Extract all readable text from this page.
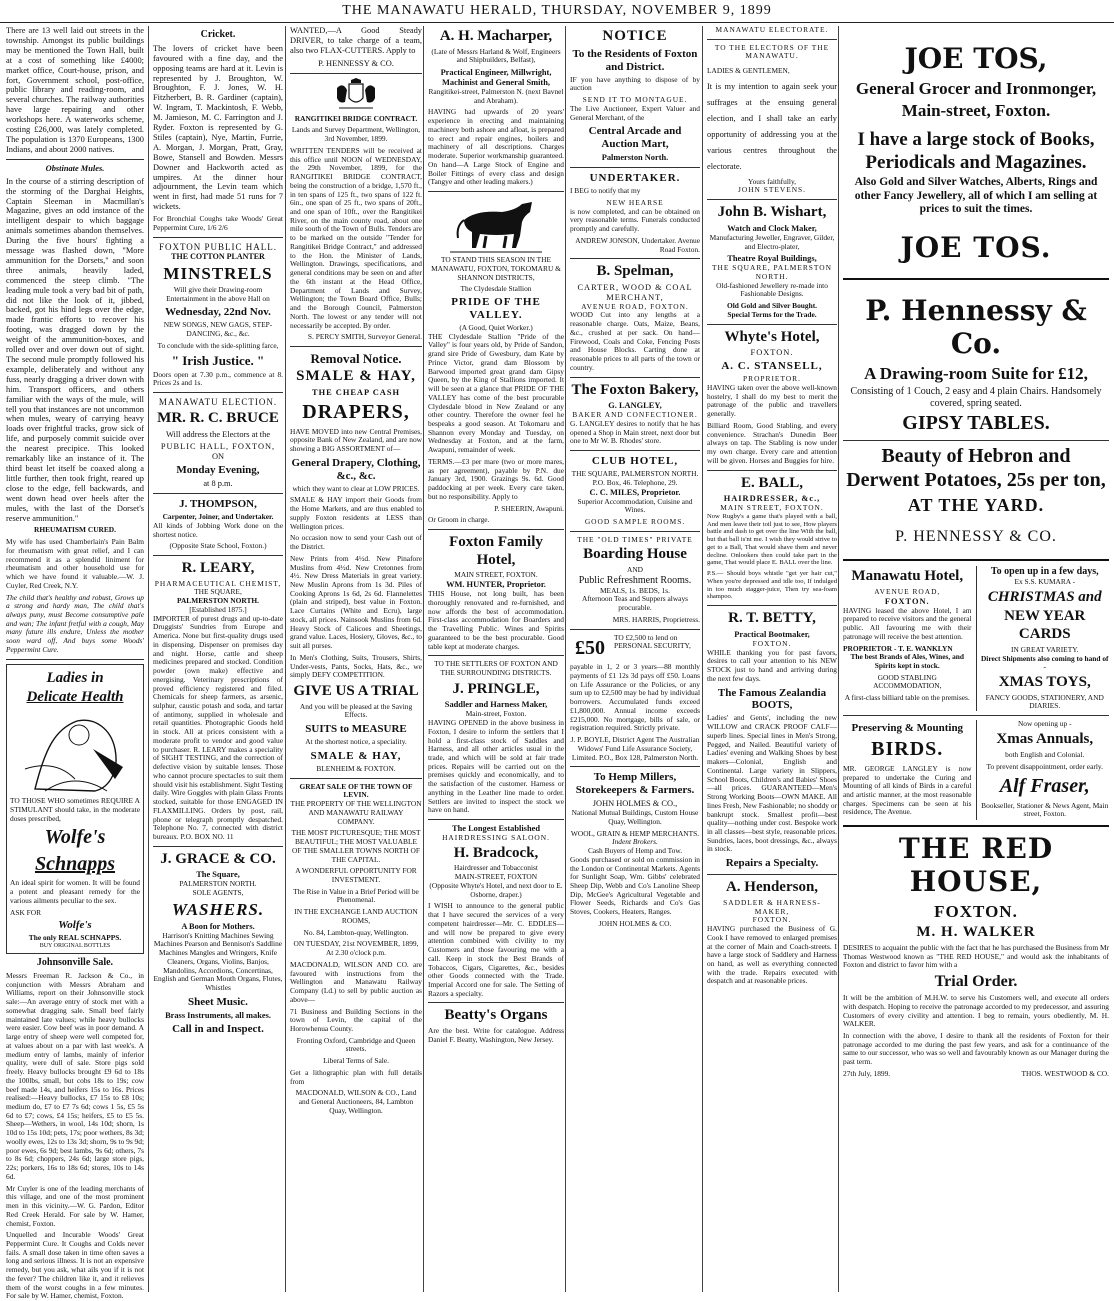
THE MANAWATU HERALD, THURSDAY, NOVEMBER 9, 1899

There are 13 well laid out streets in the township. Amongst its public buildings may be mentioned the Town Hall, built at a cost of something like £4000; market office, Court-house, prison, and fort, Government school, post-office, public library and reading-room, and several churches. The railway authorities have large repairing and other workshops here. A waterworks scheme, costing £26,000, was lately completed. The population is 1370 Europeans, 1300 Indians, and about 2000 natives.

Obstinate Mules.

In the course of a stirring description of the storming of the Darghai Heights, Captain Sleeman in Macmillan's Magazine, gives an odd instance of the intelligent despair to which baggage animals sometimes abandon themselves. During the five hours' fighting a message was flashed down, "More ammunition for the Dorsets," and soon three animals, heavily laded, commenced the steep climb. "The leading mule took a very bad bit of path, did not like the look of it, jibbed, backed, got his hind legs over the edge, made frantic efforts to recover his footing, was dragged down by the weight of the ammunition-boxes, and rolled over and over down out of sight. The second mule promptly followed his example, deliberately and without any fuss, nearly dragging a driver down with him. Transport officers, and others familiar with the ways of the mule, will tell you that instances are not uncommon when mules, weary of carrying heavy loads over frightful tracks, grow sick of life, and purposely commit suicide over the nearest precipice. This looked remarkably like an instance of it. The third beast let itself be coaxed along a little further, then took fright, reared up close to the edge, fell backwards, and went down head over heels after the mules, with the last of the Dorset's reserve ammunition."

RHEUMATISM CURED.

My wife has used Chamberlain's Pain Balm for rheumatism with great relief, and I can recommend it as a splendid liniment for rheumatism and other household use for which we have found it valuable.—W. J. Cuyler, Red Creek, N.Y.

The child that's healthy and robust, Grows up a strong and hardy man, The child that's always puny, must Become consumptive pale and wan; The infant fretful with a cough, May many future ills endure, Unless the mother soon ward off, And buys some Woods' Peppermint Cure.

Ladies in
Delicate Health

TO THOSE WHO sometimes REQUIRE A STIMULANT should take, in the moderate doses prescribed,

Wolfe's
Schnapps

An ideal spirit for women. It will be found a potent and pleasant remedy for the various ailments peculiar to the sex.

ASK FOR
Wolfe's
The only REAL SCHNAPPS.
BUY ORIGINAL BOTTLES
Johnsonville Sale.

Messrs Freeman R. Jackson & Co., in conjunction with Messrs Abraham and Williams, report on their Johnsonville stock sale:—An average entry of stock met with a somewhat dragging sale. Small beef fairly maintained late values; while heavy bullocks were easier. Cow beef was in poor demand. A large entry of sheep were well competed for, at values about on a par with last week's. A medium entry of lambs, mainly of inferior quality, were dull of sale. Store pigs sold freely. Heavy bullocks brought £9 6d to 18s the 100lbs, small, but cobs 18s to 19s; cow beef made 14s, and heifers 15s to 16s. Prices realised:—Heavy bullocks, £7 15s to £8 10s; medium do, £7 to £7 7s 6d; cows 1 5s, £5 5s 6d to £7; cows, £4 15s; heifers, £5 to £5 5s. Sheep—Wethers, in wool, 14s 10d; shorn, 1s 10d to 15s 10d; pets, 17s; poor wethers, 8s 3d; woolly ewes, 12s to 13s 3d; shorn, 9s to 9s 9d; poor ewes, 6s 9d; best lambs, 9s 6d; others, 7s to 8s 6d; choppers, 24s 6d; large store pigs, 22s; porkers, 16s to 18s 6d; stores, 10s to 14s 6d.

Mr Cuyler is one of the leading merchants of this village, and one of the most prominent men in this vicinity.—W. G. Pardon, Editor Red Creek Herald. For sale by W. Hamer, chemist, Foxton.

Unquelled and Incurable Woods' Great Peppermint Cure. It Coughs and Colds never fails. A small dose taken in time often saves a long and serious illness. It is not an expensive remedy, but you ask, what ails you if it is not the fever? The children like it, and it relieves them of the worst coughs in a few minutes. For sale by W. Hamer, chemist, Foxton.

Cricket.

The lovers of cricket have been favoured with a fine day, and the opposing teams are hard at it. Levin is represented by J. Broughton, W. Broughton, F. J. Jones, W. H. Fitzherbert, B. R. Gardiner (captain), W. Ingram, T. Mackintosh, F. Webb, M. Jamieson, M. C. Farrington and J. Ryder. Foxton is represented by G. Stiles (captain), Nye, Martin, Furrie, A. Morgan, J. Morgan, Pratt, Gray, Bowe, Stansell and Bowden. Messrs Downer and Hackworth acted as umpires. At the dinner hour adjournment, the Levin team which went in first, had made 51 runs for 7 wickets.

For Bronchial Coughs take Woods' Great Peppermint Cure, 1/6 2/6

FOXTON PUBLIC HALL.
THE COTTON PLANTER
MINSTRELS

Will give their Drawing-room Entertainment in the above Hall on

Wednesday, 22nd Nov.

NEW SONGS, NEW GAGS, STEP-DANCING, &c., &c.

To conclude with the side-splitting farce,

" Irish Justice. "

Doors open at 7.30 p.m., commence at 8. Prices 2s and 1s.

MANAWATU ELECTION.
MR. R. C. BRUCE

Will address the Electors at the

PUBLIC HALL, FOXTON,
ON
Monday Evening,
at 8 p.m.
J. THOMPSON,
Carpenter, Joiner, and Undertaker.

All kinds of Jobbing Work done on the shortest notice.

(Opposite State School, Foxton.)
R. LEARY,
PHARMACEUTICAL CHEMIST,
THE SQUARE,
PALMERSTON NORTH.
[Established 1875.]

IMPORTER of purest drugs and up-to-date Druggists' Sundries from Europe and America. None but first-quality drugs used in dispensing. Dispenser on premises day and night. Horse, cattle and sheep medicines prepared and stocked. Condition powder (own make) effective and energising. Veterinary prescriptions of proved efficiency registered and filed. Chemicals for sheep farmers, as arsenic, sulphur, caustic potash and soda, and tartar of antimony, supplied in wholesale and retail quantities. Photographic Goods held in stock. All at prices consistent with a moderate profit to vendor and good value to purchaser. R. LEARY makes a speciality of SIGHT TESTING, and the correction of defective vision by suitable lenses. Those who cannot procure spectacles to suit them should visit his establishment. Sight Testing daily. Wire Goggles with plain Glass Fronts stocked, suitable for those ENGAGED IN FLAXMILLING. Orders by post, rail, phone or telegraph promptly despatched. Telephone No. 7, connected with district bureaux. P.O. BOX NO. 11

J. GRACE & CO.
The Square,
PALMERSTON NORTH.
SOLE AGENTS,
WASHERS.
A Boon for Mothers.

Harrison's Knitting Machines Sewing Machines Pearson and Bennison's Saddline Machines Mangles and Wringers, Knife Cleaners, Organs, Violins, Banjos, Mandolins, Accordions, Concertinas, English and German Mouth Organs, Flutes, Whistles

Sheet Music.
Brass Instruments, all makes.
Call in and Inspect.

WANTED,—A Good Steady DRIVER, to take charge of a team, also two FLAX-CUTTERS. Apply to

P. HENNESSY & CO.
RANGITIKEI BRIDGE CONTRACT.

Lands and Survey Department, Wellington, 3rd November, 1899.

WRITTEN TENDERS will be received at this office until NOON of WEDNESDAY, the 29th November, 1899, for the RANGITIKEI BRIDGE CONTRACT, being the construction of a bridge, 1,570 ft., in ten spans of 125 ft., two spans of 122 ft. 6in., one span of 25 ft., two spans of 20ft., and one span of 10ft., over the Rangitikei River, on the main county road, about one mile south of the Town of Bulls. Tenders are to be marked on the outside "Tender for Rangitikei Bridge Contract," and addressed to the Hon. the Minister of Lands, Wellington. Drawings, specifications, and general conditions may be seen on and after the 6th instant at the Head Office, Department of Lands and Survey, Wellington; the Town Board Office, Bulls; and the Borough Council, Palmerston North. The lowest or any tender will not necessarily be accepted. By order.

S. PERCY SMITH, Surveyor General.

Removal Notice.
SMALE & HAY,
THE CHEAP CASH
DRAPERS,

HAVE MOVED into new Central Premises, opposite Bank of New Zealand, and are now showing a BIG ASSORTMENT of—

General Drapery, Clothing, &c., &c.

which they want to clear at LOW PRICES.

SMALE & HAY import their Goods from the Home Markets, and are thus enabled to supply Foxton residents at LESS than Wellington prices.

No occasion now to send your Cash out of the District.

New Prints from 4½d. New Pinafore Muslins from 4½d. New Cretonnes from 4½. New Dress Materials in great variety. New Muslin Aprons from 1s 3d. Piles of Cooking Aprons 1s 6d, 2s 6d. Flannelettes (plain and striped), best value in Foxton. Lace Curtains (White and Ecru), large stock, all prices. Nainsook Muslins from 6d. Heavy Stock of Calicoes and Sheetings, grand value. Laces, Hosiery, Gloves, &c., to suit all purses.

In Men's Clothing, Suits, Trousers, Shirts, Under-vests, Pants, Socks, Hats, &c., we simply DEFY COMPETITION.

GIVE US A TRIAL

And you will be pleased at the Saving Effects.

SUITS to MEASURE

At the shortest notice, a speciality.

SMALE & HAY,
BLENHEIM & FOXTON.
GREAT SALE OF THE TOWN OF LEVIN.

THE PROPERTY OF THE WELLINGTON AND MANAWATU RAILWAY COMPANY.

THE MOST PICTURESQUE; THE MOST BEAUTIFUL; THE MOST VALUABLE OF THE SMALLER TOWNS NORTH OF THE CAPITAL.

A WONDERFUL OPPORTUNITY FOR INVESTMENT.

The Rise in Value in a Brief Period will be Phenomenal.

IN THE EXCHANGE LAND AUCTION ROOMS,

No. 84, Lambton-quay, Wellington.

ON TUESDAY, 21st NOVEMBER, 1899, At 2.30 o'clock p.m.

MACDONALD, WILSON AND CO. are favoured with instructions from the Wellington and Manawatu Railway Company (Ld.) to sell by public auction as above—

71 Business and Building Sections in the town of Levin, the capital of the Horowhenua County.

Fronting Oxford, Cambridge and Queen streets.

Liberal Terms of Sale.

Get a lithographic plan with full details from

MACDONALD, WILSON & CO., Land and General Auctioneers, 84, Lambton Quay, Wellington.

A. H. Macharper,

(Late of Messrs Harland & Wolf, Engineers and Shipbuilders, Belfast),

Practical Engineer, Millwright, Machinist and General Smith,

Rangitikei-street, Palmerston N. (next Bavnel and Abraham).

HAVING had upwards of 20 years' experience in erecting and maintaining machinery both ashore and afloat, is prepared to erect and repair engines, boilers and machinery of all descriptions. Charges moderate. Superior workmanship guaranteed. On hand—A Large Stock of Engine and Boiler Fittings of every class and design (Tangye and other leading makers.)

TO STAND THIS SEASON IN THE MANAWATU, FOXTON, TOKOMARU & SHANNON DISTRICTS,

The Clydesdale Stallion
PRIDE OF THE VALLEY.
(A Good, Quiet Worker.)

THE Clydesdale Stallion "Pride of the Valley" is four years old, by Pride of Sandon, grand sire Pride of Gwesbury, dam Kate by Prince Victor, grand dam Blossom by Barwood imported great grand dam Gipsy Queen, by the King of Stallions imported. It will be seen at a glance that PRIDE OF THE VALLEY has come of the best procurable Clydesdale blood in New Zealand or any other country. Therefore the owner feel he bespeaks a good season. At Tokomaru and Shannon every Monday and Tuesday, on Wednesday at Foxton, and at the farm, Awapuni, remainder of week.

TERMS.—£3 per mare (two or more mares, as per agreement), payable by P.N. due January 3rd, 1900. Grazings 9s. 6d. Good paddocking at per week. Every care taken, but no responsibility. Apply to

P. SHEERIN, Awapuni.

Or Groom in charge.

Foxton Family Hotel,
MAIN STREET, FOXTON.
WM. HUNTER, Proprietor.

THIS House, not long built, has been thoroughly renovated and re-furnished, and now affords the best of accommodation. First-class accommodation for Boarders and the Travelling Public. Wines and Spirits guaranteed to be the best procurable. Good table kept at moderate charges.

TO THE SETTLERS OF FOXTON AND THE SURROUNDING DISTRICTS.

J. PRINGLE,
Saddler and Harness Maker,
Main-street, Foxton.

HAVING OPENED in the above business in Foxton, I desire to inform the settlers that I hold a first-class stock of Saddles and Harness, and all other articles usual in the trade, and which will be sold at fair trade prices. Repairs will be carried out on the premises quickly and economically, and to the satisfaction of the customer. Harness or anything in the Leather line made to order. Settlers are invited to inspect the stock we have on hand.

The Longest Established
HAIRDRESSING SALOON.
H. Bradcock,
Hairdresser and Tobacconist
MAIN-STREET, FOXTON

(Opposite Whyte's Hotel, and next door to E. Osborne, draper.)

I WISH to announce to the general public that I have secured the services of a very competent hairdresser—Mr. C. EDDLES—and will now be prepared to give every attention combined with civility to my Customers and those favouring me with a call. Keep in stock the Best Brands of Tobaccos, Cigars, Cigarettes, &c., besides other Goods connected with the Trade. Imperial Accord one for sale. The Setting of Razors a specialty.

Beatty's Organs

Are the best. Write for catalogue. Address Daniel F. Beatty, Washington, New Jersey.

NOTICE
To the Residents of Foxton and District.

IF you have anything to dispose of by auction

SEND IT TO MONTAGUE.

The Live Auctioneer, Expert Valuer and General Merchant, of the

Central Arcade and Auction Mart,
Palmerston North.
UNDERTAKER.

I BEG to notify that my

NEW HEARSE

is now completed, and can be obtained on very reasonable terms. Funerals conducted promptly and carefully.

ANDREW JONSON, Undertaker. Avenue Road Foxton.

B. Spelman,
CARTER, WOOD & COAL MERCHANT,
AVENUE ROAD, FOXTON.

WOOD Cut into any lengths at a reasonable charge. Oats, Maize, Beans, &c., crushed at per sack. On hand—Firewood, Coals and Coke, Fencing Posts and House Blocks. Carting done at reasonable prices to all parts of the town or country.

The Foxton Bakery,
G. LANGLEY,
BAKER AND CONFECTIONER.

G. LANGLEY desires to notify that he has opened a Shop in Main street, next door but one to Mr W. B. Rhodes' store.

CLUB HOTEL,
THE SQUARE, PALMERSTON NORTH.
P.O. Box, 46. Telephone, 29.
C. C. MILES, Proprietor.

Superior Accommodation, Cuisine and Wines.

GOOD SAMPLE ROOMS.
THE "OLD TIMES" PRIVATE
Boarding House
AND
Public Refreshment Rooms.
MEALS, 1s. BEDS, 1s.

Afternoon Teas and Suppers always procurable.

MRS. HARRIS, Proprietress.

£50	TO £2,500 to lend on PERSONAL SECURITY,

payable in 1, 2 or 3 years—88 monthly payments of £1 12s 3d pays off £50. Loans on Life Assurance or the Policies, or any sum up to £2,500 may be had by individual borrowers. Accumulated funds exceed £1,800,000. Annual income exceeds £215,000. No mortgage, bills of sale, or registration required. Strictly private.

J. P. BOYLE, District Agent The Australian Widows' Fund Life Assurance Society, Limited. P.O., Box 128, Palmerston North.

To Hemp Millers, Storekeepers & Farmers.
JOHN HOLMES & CO.,

National Mutual Buildings, Custom House Quay, Wellington.

WOOL, GRAIN & HEMP MERCHANTS.
Indent Brokers.
Cash Buyers of Hemp and Tow.

Goods purchased or sold on commission in the London or Continental Markets. Agents for Sunlight Soap, Wm. Gibbs' celebrated Sheep Dip, Webb and Co's Lanoline Sheep Dip, McGee's Agricultural Vegetable and Flower Seeds, Richards and Co's Gas Stoves, Cookers, Heaters, Ranges.

JOHN HOLMES & CO.
MANAWATU ELECTORATE.
TO THE ELECTORS OF THE MANAWATU.

LADIES & GENTLEMEN,

It is my intention to again seek your suffrages at the ensuing general election, and I shall take an early opportunity of addressing you at the various centres throughout the electorate.

Yours faithfully,
JOHN STEVENS.
John B. Wishart,
Watch and Clock Maker,

Manufacturing Jeweller, Engraver, Gilder, and Electro-plater,

Theatre Royal Buildings,
THE SQUARE, PALMERSTON NORTH.

Old-fashioned Jewellery re-made into Fashionable Designs.

Old Gold and Silver Bought.
Special Terms for the Trade.
Whyte's Hotel,
FOXTON.
A. C. STANSELL,
PROPRIETOR.

HAVING taken over the above well-known hostelry, I shall do my best to merit the patronage of the public and travellers generally.

Billiard Room, Good Stabling, and every convenience. Strachan's Dunedin Beer always on tap. The Stabling is now under my own charge. Every care and attention will be given. Horses and Buggies for hire.

E. BALL,
HAIRDRESSER, &c.,
MAIN STREET, FOXTON.

Now Rugby's a game that's played with a ball, And men leave their toil just to see, How players battle and dash to get over the line With the ball, but that ball is'nt me. I wish they would strive to get to a Ball, That would shave them and never decline. Onlookers then could take part in the game, That would place E. BALL over the line.

P.S.— Should boys whistle "get yer hair cut," When you're depressed and idle too, If indulged in too much stagger-juice, Then try sea-foam shampoo.

R. T. BETTY,
Practical Bootmaker,
FOXTON.

WHILE thanking you for past favors, desires to call your attention to his NEW STOCK just to hand and arriving during the next few days.

The Famous Zealandia BOOTS,

Ladies' and Gents', including the new WILLOW and CRACK PROOF CALF—superb lines. Special lines in Men's Strong, Pegged, and Nailed. Beautiful variety of Ladies' evening and Walking Shoes by best makers—Colonial, English and Continental. Large variety in Slippers, School Boots, Children's and Babies' Shoes—all prices. GUARANTEED—Men's Strong Working Boots—OWN MAKE. All lines Fresh, New Fashionable; no shoddy or bankrupt stock. Smallest profit—best quality—nothing under cost. Bespoke work in all classes—best style, reasonable prices. Sundries, laces, boot dressings, &c., always in stock.

Repairs a Specialty.
A. Henderson,
SADDLER & HARNESS-MAKER,
FOXTON.

HAVING purchased the Business of G. Cook I have removed to enlarged premises at the corner of Main and Coach-streets. I have a large stock of Saddlery and Harness on hand, as well as everything connected with the trade. Repairs executed with despatch and at reasonable prices.

JOE TOS,
General Grocer and Ironmonger,
Main-street, Foxton.
I have a large stock of Books, Periodicals and Magazines.

Also Gold and Silver Watches, Alberts, Rings and other Fancy Jewellery, all of which I am selling at prices to suit the times.

JOE TOS.
P. Hennessy & Co.
A Drawing-room Suite for £12,

Consisting of 1 Couch, 2 easy and 4 plain Chairs. Handsomely covered, spring seated.

GIPSY TABLES.
Beauty of Hebron and Derwent Potatoes, 25s per ton,
AT THE YARD.
P. HENNESSY & CO.
Manawatu Hotel,
AVENUE ROAD,
FOXTON.

HAVING leased the above Hotel, I am prepared to receive visitors and the general public. All favouring me with their patronage will receive the best attention.

PROPRIETOR - T. E. WANKLYN

The best Brands of Ales, Wines, and Spirits kept in stock.

GOOD STABLING ACCOMMODATION,

A first-class billiard table on the premises.

To open up in a few days,
Ex S.S. KUMARA -
CHRISTMAS and
NEW YEAR CARDS
IN GREAT VARIETY.
Direct Shipments also coming to hand of -
XMAS TOYS,
FANCY GOODS, STATIONERY, AND DIARIES.
Preserving & Mounting
BIRDS.

MR. GEORGE LANGLEY is now prepared to undertake the Curing and Mounting of all kinds of Birds in a careful and artistic manner, at the most reasonable charges. Specimens can be seen at his residence, The Avenue.

Now opening up -
Xmas Annuals,
both English and Colonial.
To prevent disappointment, order early.
Alf Fraser,
Bookseller, Stationer & News Agent, Main street, Foxton.
THE RED HOUSE,
FOXTON.
M. H. WALKER

DESIRES to acquaint the public with the fact that he has purchased the Business from Mr Thomas Westwood known as "THE RED HOUSE," and would ask the inhabitants of Foxton and district to favor him with a

Trial Order.

It will be the ambition of M.H.W. to serve his Customers well, and execute all orders with despatch. Hoping to receive the patronage accorded to my predecessor, and assuring Customers of every civility and attention. I beg to remain, yours obediently, M. H. WALKER.

In connection with the above, I desire to thank all the residents of Foxton for their patronage accorded to me during the past few years, and ask for a continuance of the same to our successor, who was so well and favourably known as our Manager during the past term.

27th July, 1899.	THOS. WESTWOOD & CO.
